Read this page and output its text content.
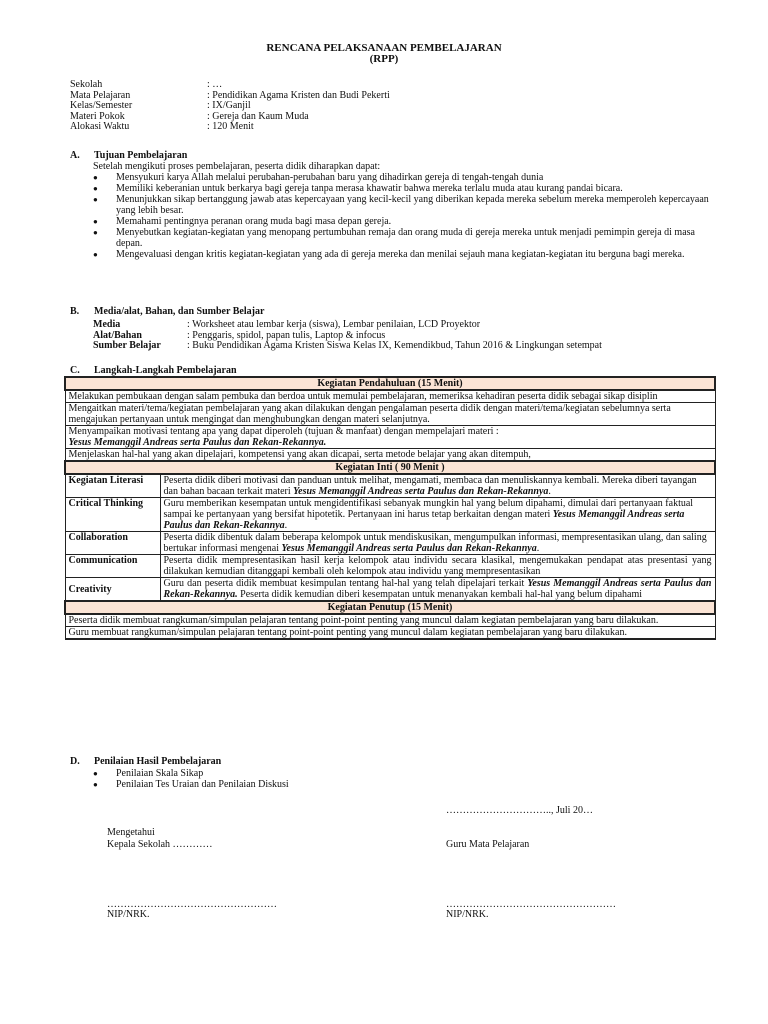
RENCANA PELAKSANAAN PEMBELAJARAN
(RPP)
Sekolah	: …
Mata Pelajaran	: Pendidikan Agama Kristen dan Budi Pekerti
Kelas/Semester	: IX/Ganjil
Materi Pokok	: Gereja dan Kaum Muda
Alokasi Waktu	: 120 Menit
A. Tujuan Pembelajaran
Setelah mengikuti proses pembelajaran, peserta didik diharapkan dapat:
● Mensyukuri karya Allah melalui perubahan-perubahan baru yang dihadirkan gereja di tengah-tengah dunia
● Memiliki keberanian untuk berkarya bagi gereja tanpa merasa khawatir bahwa mereka terlalu muda atau kurang pandai bicara.
● Menunjukkan sikap bertanggung jawab atas kepercayaan yang kecil-kecil yang diberikan kepada mereka sebelum mereka memperoleh kepercayaan yang lebih besar.
● Memahami pentingnya peranan orang muda bagi masa depan gereja.
● Menyebutkan kegiatan-kegiatan yang menopang pertumbuhan remaja dan orang muda di gereja mereka untuk menjadi pemimpin gereja di masa depan.
● Mengevaluasi dengan kritis kegiatan-kegiatan yang ada di gereja mereka dan menilai sejauh mana kegiatan-kegiatan itu berguna bagi mereka.
B. Media/alat, Bahan, dan Sumber Belajar
Media	: Worksheet atau lembar kerja (siswa), Lembar penilaian, LCD Proyektor
Alat/Bahan	: Penggaris, spidol, papan tulis, Laptop & infocus
Sumber Belajar	: Buku Pendidikan Agama Kristen Siswa Kelas IX, Kemendikbud, Tahun 2016 & Lingkungan setempat
C. Langkah-Langkah Pembelajaran
Kegiatan Pendahuluan (15 Menit)	
Melakukan pembukaan dengan salam pembuka dan berdoa untuk memulai pembelajaran, memeriksa kehadiran peserta didik sebagai sikap disiplin	
Mengaitkan materi/tema/kegiatan pembelajaran yang akan dilakukan dengan pengalaman peserta didik dengan materi/tema/kegiatan sebelumnya serta mengajukan pertanyaan untuk mengingat dan menghubungkan dengan materi selanjutnya.	
Menyampaikan motivasi tentang apa yang dapat diperoleh (tujuan & manfaat) dengan mempelajari materi :
Yesus Memanggil Andreas serta Paulus dan Rekan-Rekannya.	
Menjelaskan hal-hal yang akan dipelajari, kompetensi yang akan dicapai, serta metode belajar yang akan ditempuh,	
Kegiatan Inti ( 90 Menit )	
Kegiatan Literasi	Peserta didik diberi motivasi dan panduan untuk melihat, mengamati, membaca dan menuliskannya kembali. Mereka diberi tayangan dan bahan bacaan terkait materi Yesus Memanggil Andreas serta Paulus dan Rekan-Rekannya.
Critical Thinking	Guru memberikan kesempatan untuk mengidentifikasi sebanyak mungkin hal yang belum dipahami, dimulai dari pertanyaan faktual sampai ke pertanyaan yang bersifat hipotetik. Pertanyaan ini harus tetap berkaitan dengan materi Yesus Memanggil Andreas serta Paulus dan Rekan-Rekannya.
Collaboration	Peserta didik dibentuk dalam beberapa kelompok untuk mendiskusikan, mengumpulkan informasi, mempresentasikan ulang, dan saling bertukar informasi mengenai Yesus Memanggil Andreas serta Paulus dan Rekan-Rekannya.
Communication	Peserta didik mempresentasikan hasil kerja kelompok atau individu secara klasikal, mengemukakan pendapat atas presentasi yang dilakukan kemudian ditanggapi kembali oleh kelompok atau individu yang mempresentasikan
Creativity	Guru dan peserta didik membuat kesimpulan tentang hal-hal yang telah dipelajari terkait Yesus Memanggil Andreas serta Paulus dan Rekan-Rekannya. Peserta didik kemudian diberi kesempatan untuk menanyakan kembali hal-hal yang belum dipahami
Kegiatan Penutup (15 Menit)	
Peserta didik membuat rangkuman/simpulan pelajaran tentang point-point penting yang muncul dalam kegiatan pembelajaran yang baru dilakukan.	
Guru membuat rangkuman/simpulan pelajaran tentang point-point penting yang muncul dalam kegiatan pembelajaran yang baru dilakukan.	
D. Penilaian Hasil Pembelajaran
● Penilaian Skala Sikap
● Penilaian Tes Uraian dan Penilaian Diskusi
………………………….., Juli 20…
Mengetahui
Kepala Sekolah …………	Guru Mata Pelajaran
……………………………………………	……………………………………………
NIP/NRK.	NIP/NRK.
